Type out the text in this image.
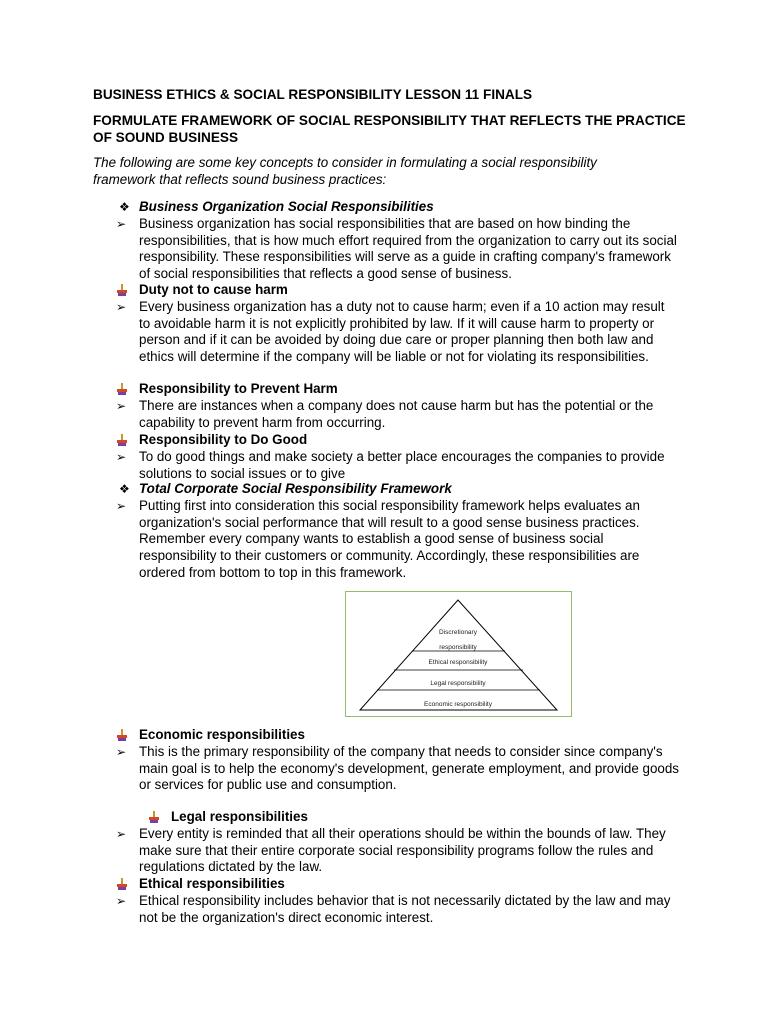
BUSINESS ETHICS & SOCIAL RESPONSIBILITY LESSON 11 FINALS
FORMULATE FRAMEWORK OF SOCIAL RESPONSIBILITY THAT REFLECTS THE PRACTICE OF SOUND BUSINESS
The following are some key concepts to consider in formulating a social responsibility framework that reflects sound business practices:
❖ Business Organization Social Responsibilities
➢ Business organization has social responsibilities that are based on how binding the responsibilities, that is how much effort required from the organization to carry out its social responsibility. These responsibilities will serve as a guide in crafting company's framework of social responsibilities that reflects a good sense of business.
Duty not to cause harm
➢ Every business organization has a duty not to cause harm; even if a 10 action may result to avoidable harm it is not explicitly prohibited by law. If it will cause harm to property or person and if it can be avoided by doing due care or proper planning then both law and ethics will determine if the company will be liable or not for violating its responsibilities.
Responsibility to Prevent Harm
➢ There are instances when a company does not cause harm but has the potential or the capability to prevent harm from occurring.
Responsibility to Do Good
➢ To do good things and make society a better place encourages the companies to provide solutions to social issues or to give
❖ Total Corporate Social Responsibility Framework
➢ Putting first into consideration this social responsibility framework helps evaluates an organization's social performance that will result to a good sense business practices. Remember every company wants to establish a good sense of business social responsibility to their customers or community. Accordingly, these responsibilities are ordered from bottom to top in this framework.
Discretionary
responsibility
Ethical responsibility
Legal responsibility
Economic responsibility
Economic responsibilities
➢ This is the primary responsibility of the company that needs to consider since company's main goal is to help the economy's development, generate employment, and provide goods or services for public use and consumption.
Legal responsibilities
➢ Every entity is reminded that all their operations should be within the bounds of law. They make sure that their entire corporate social responsibility programs follow the rules and regulations dictated by the law.
Ethical responsibilities
➢ Ethical responsibility includes behavior that is not necessarily dictated by the law and may not be the organization's direct economic interest.
